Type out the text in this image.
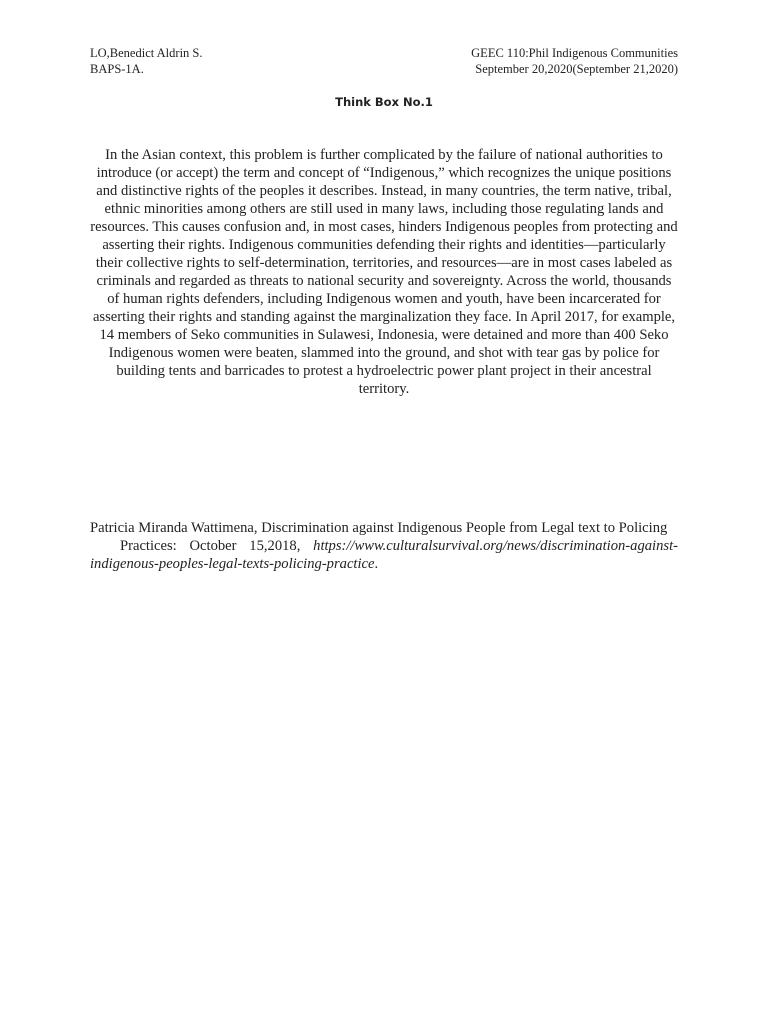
LO,Benedict Aldrin S.
BAPS-1A.
GEEC 110:Phil Indigenous Communities
September 20,2020(September 21,2020)
Think Box No.1

In the Asian context, this problem is further complicated by the failure of national authorities to introduce (or accept) the term and concept of “Indigenous,” which recognizes the unique positions and distinctive rights of the peoples it describes. Instead, in many countries, the term native, tribal, ethnic minorities among others are still used in many laws, including those regulating lands and resources. This causes confusion and, in most cases, hinders Indigenous peoples from protecting and asserting their rights. Indigenous communities defending their rights and identities—particularly their collective rights to self-determination, territories, and resources—are in most cases labeled as criminals and regarded as threats to national security and sovereignty. Across the world, thousands of human rights defenders, including Indigenous women and youth, have been incarcerated for asserting their rights and standing against the marginalization they face. In April 2017, for example, 14 members of Seko communities in Sulawesi, Indonesia, were detained and more than 400 Seko Indigenous women were beaten, slammed into the ground, and shot with tear gas by police for building tents and barricades to protest a hydroelectric power plant project in their ancestral territory.

Patricia Miranda Wattimena, Discrimination against Indigenous People from Legal text to Policing
Practices: October 15,2018, https://www.culturalsurvival.org/news/discrimination-against-indigenous-peoples-legal-texts-policing-practice.
